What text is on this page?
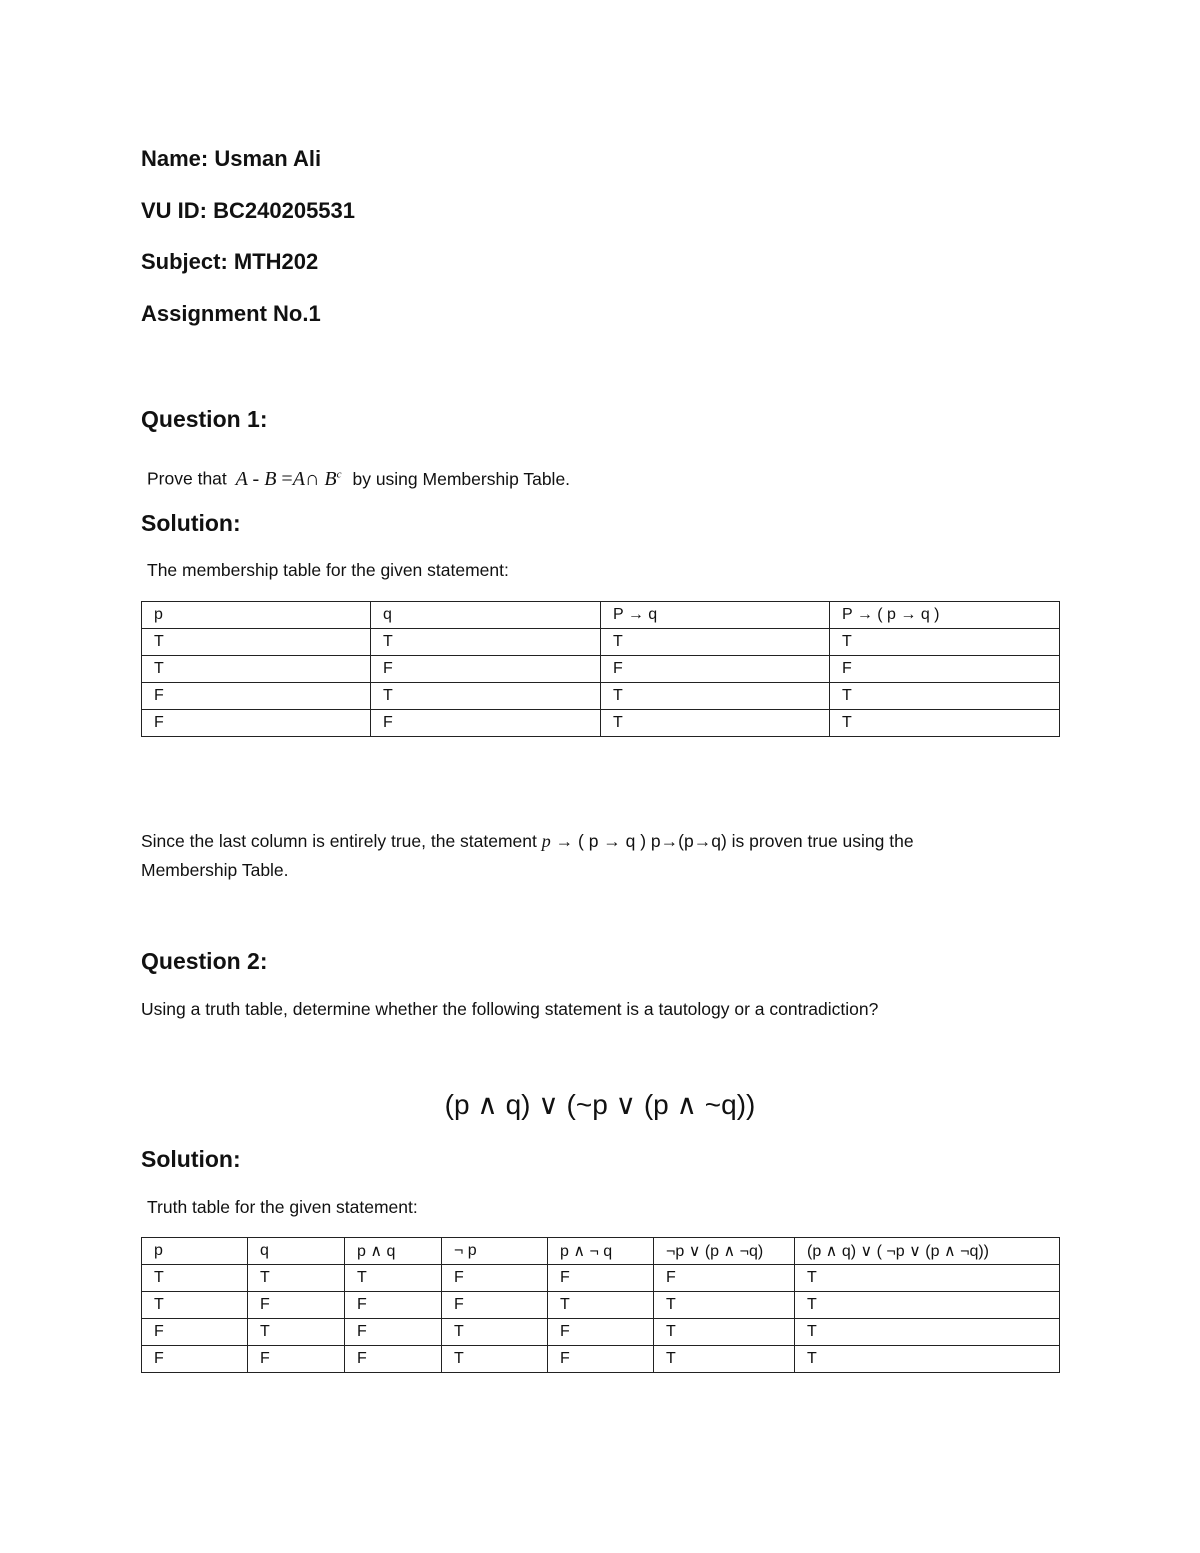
Name: Usman Ali
VU ID: BC240205531
Subject: MTH202
Assignment No.1
Question 1:
Prove that A - B =A∩ $B^c$ by using Membership Table.
Solution:
The membership table for the given statement:
p	q	P → q	P → ( p → q )
T	T	T	T
T	F	F	F
F	T	T	T
F	F	T	T
Since the last column is entirely true, the statement p → ( p → q ) p→(p→q) is proven true using the
Membership Table.
Question 2:
Using a truth table, determine whether the following statement is a tautology or a contradiction?
(p ∧ q) ∨ (~p ∨ (p ∧ ~q))
Solution:
Truth table for the given statement:
p	q	p ∧ q	¬ p	p ∧ ¬ q	¬p ∨ (p ∧ ¬q)	(p ∧ q) ∨ ( ¬p ∨ (p ∧ ¬q))
T	T	T	F	F	F	T
T	F	F	F	T	T	T
F	T	F	T	F	T	T
F	F	F	T	F	T	T
